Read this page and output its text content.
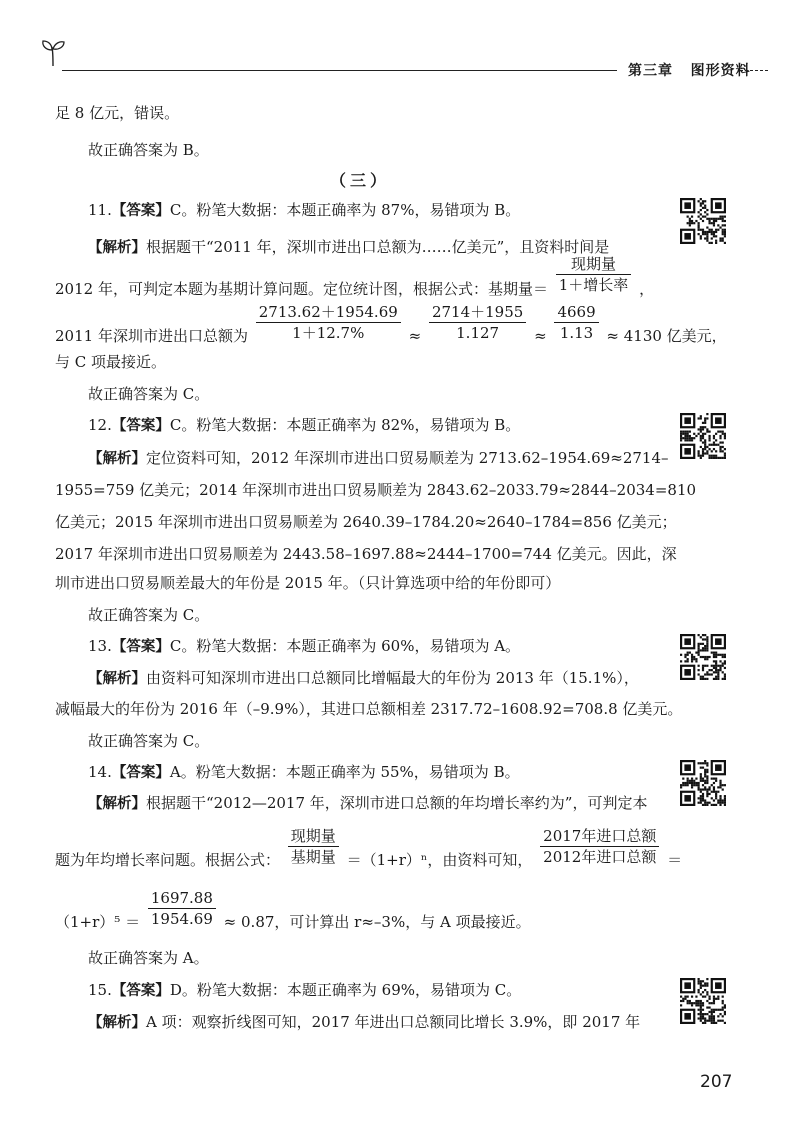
第三章 图形资料
足 8 亿元，错误。
故正确答案为 B。
（三）
11.【答案】C。粉笔大数据：本题正确率为 87%，易错项为 B。
【解析】根据题干“2011 年，深圳市进出口总额为……亿美元”，且资料时间是
2012 年，可判定本题为基期计算问题。定位统计图，根据公式：基期量＝ $\frac{\text{现期量}}{\text{1＋增长率}}$ ，
2011 年深圳市进出口总额为 $\frac{2713.62+1954.69}{1+12.7\%} \approx \frac{2714+1955}{1.127} \approx \frac{4669}{1.13} \approx 4130$ 亿美元，
与 C 项最接近。
故正确答案为 C。
12.【答案】C。粉笔大数据：本题正确率为 82%，易错项为 B。
【解析】定位资料可知，2012 年深圳市进出口贸易顺差为 2713.62–1954.69≈2714–
1955=759 亿美元；2014 年深圳市进出口贸易顺差为 2843.62–2033.79≈2844–2034=810
亿美元；2015 年深圳市进出口贸易顺差为 2640.39–1784.20≈2640–1784=856 亿美元；
2017 年深圳市进出口贸易顺差为 2443.58–1697.88≈2444–1700=744 亿美元。因此，深
圳市进出口贸易顺差最大的年份是 2015 年。（只计算选项中给的年份即可）
故正确答案为 C。
13.【答案】C。粉笔大数据：本题正确率为 60%，易错项为 A。
【解析】由资料可知深圳市进出口总额同比增幅最大的年份为 2013 年（15.1%），
减幅最大的年份为 2016 年（–9.9%），其进口总额相差 2317.72–1608.92=708.8 亿美元。
故正确答案为 C。
14.【答案】A。粉笔大数据：本题正确率为 55%，易错项为 B。
【解析】根据题干“2012—2017 年，深圳市进口总额的年均增长率约为”，可判定本
题为年均增长率问题。根据公式： $\frac{\text{现期量}}{\text{基期量}} =(1+r)^n$，由资料可知， $\frac{\text{2017年进口总额}}{\text{2012年进口总额}}$ ＝
$(1+r)^5 = \frac{1697.88}{1954.69} \approx 0.87$，可计算出 r≈–3%，与 A 项最接近。
故正确答案为 A。
15.【答案】D。粉笔大数据：本题正确率为 69%，易错项为 C。
【解析】A 项：观察折线图可知，2017 年进出口总额同比增长 3.9%，即 2017 年
207
